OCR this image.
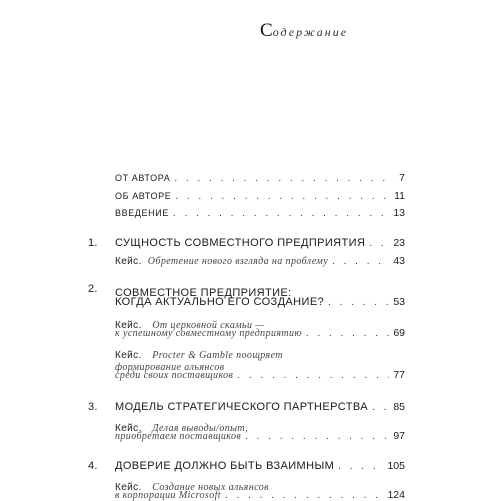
Содержание
ОТ АВТОРА . . .	7
ОБ АВТОРЕ . . .	11
ВВЕДЕНИЕ . . .	13
1. СУЩНОСТЬ СОВМЕСТНОГО ПРЕДПРИЯТИЯ . . .	23
Кейс. Обретение нового взгляда на проблему . . .	43
2. СОВМЕСТНОЕ ПРЕДПРИЯТИЕ:
КОГДА АКТУАЛЬНО ЕГО СОЗДАНИЕ? . . .	53
Кейс. От церковной скамьи —
к успешному совместному предприятию . . .	69
Кейс. Procter & Gamble поощряет
формирование альянсов
среди своих поставщиков . . .	77
3. МОДЕЛЬ СТРАТЕГИЧЕСКОГО ПАРТНЕРСТВА . . . 85
Кейс. Делая выводы/опыт,
приобретаем поставщиков . . .	97
4. ДОВЕРИЕ ДОЛЖНО БЫТЬ ВЗАИМНЫМ . . .	105
Кейс. Создание новых альянсов
в корпорации Microsoft . . .	124
